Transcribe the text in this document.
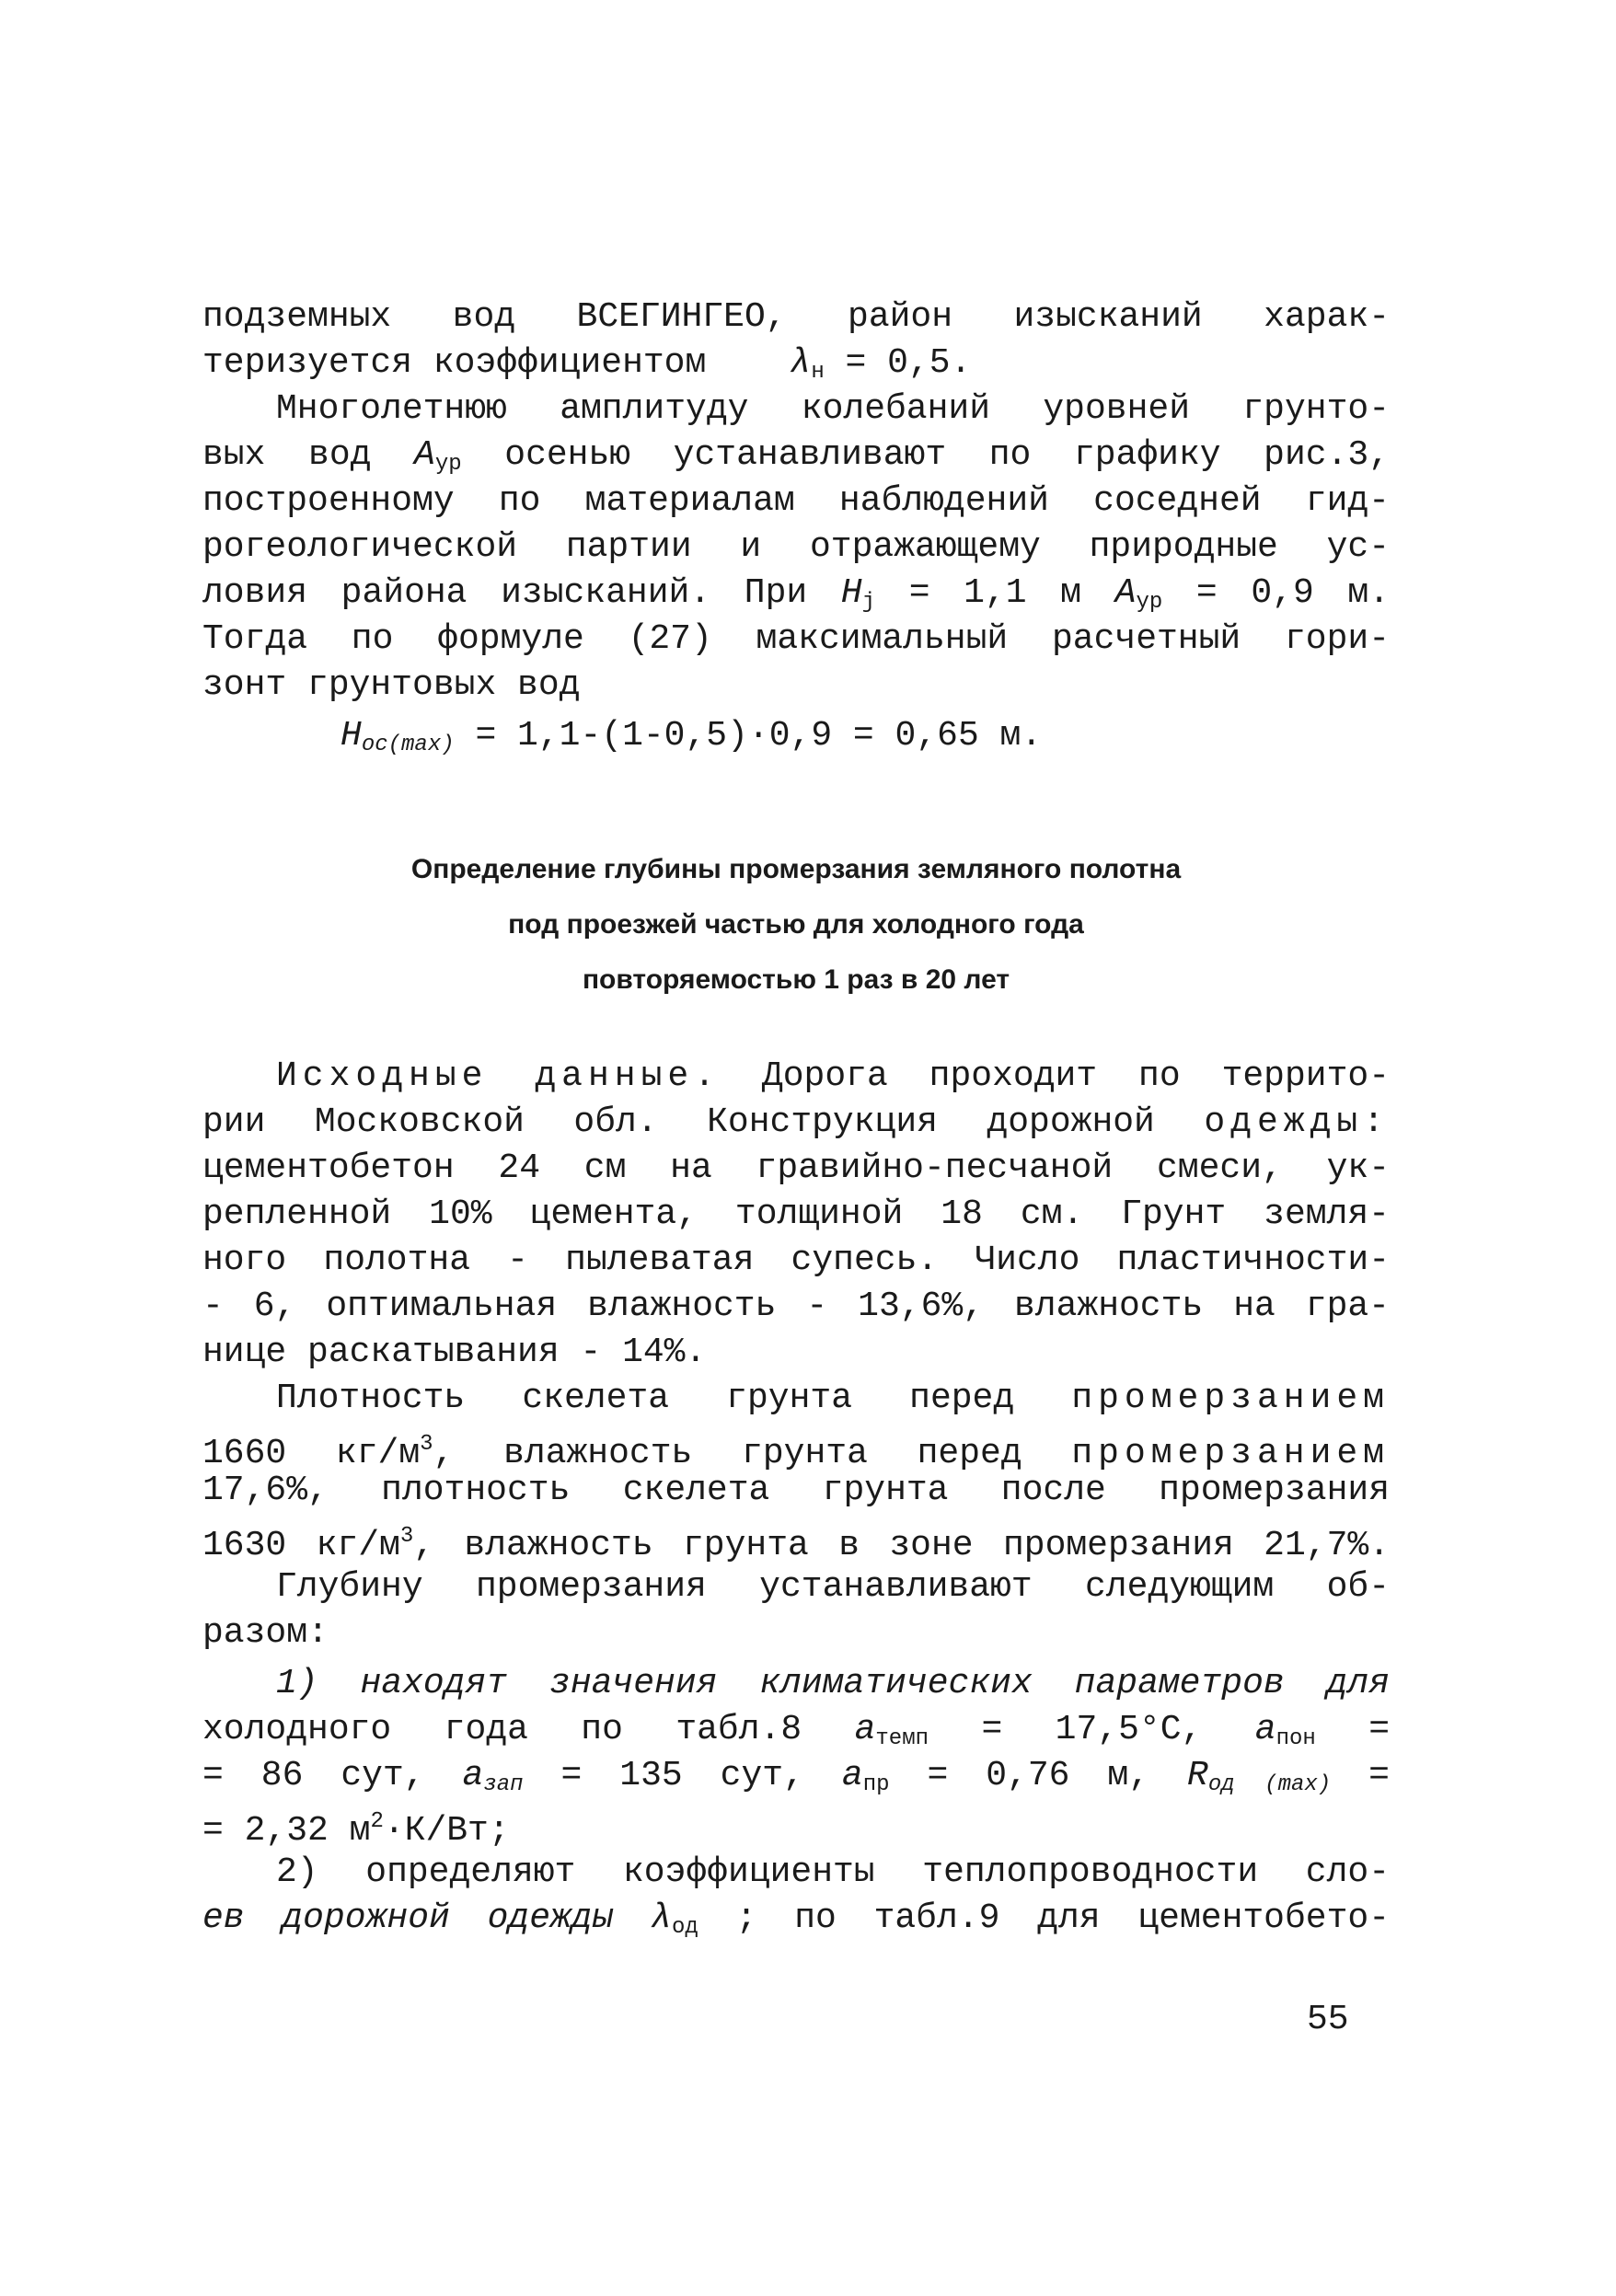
подземных вод ВСЕГИНГЕО, район изысканий харак-
теризуется коэффициентом $\lambda_н = 0,5$.
Многолетнюю амплитуду колебаний уровней грунто-
вых вод $A_{ур}$ осенью устанавливают по графику рис.3,
построенному по материалам наблюдений соседней гид-
рогеологической партии и отражающему природные ус-
ловия района изысканий. При $H_j = 1,1$ м $A_{ур} = 0,9$ м.
Тогда по формуле (27) максимальный расчетный гори-
зонт грунтовых вод
$H_{oc(max)} = 1,1-(1-0,5)\cdot 0,9 = 0,65$ м.
Определение глубины промерзания земляного полотна
под проезжей частью для холодного года
повторяемостью 1 раз в 20 лет
Исходные данные. Дорога проходит по террито-
рии Московской обл. Конструкция дорожной одежды:
цементобетон 24 см на гравийно-песчаной смеси, ук-
репленной 10% цемента, толщиной 18 см. Грунт земля-
ного полотна - пылеватая супесь. Число пластичности-
- 6, оптимальная влажность - 13,6%, влажность на гра-
нице раскатывания - 14%.
Плотность скелета грунта перед промерзанием
1660 $кг/м^3$, влажность грунта перед промерзанием
17,6%, плотность скелета грунта после промерзания
1630 $кг/м^3$, влажность грунта в зоне промерзания 21,7%.
Глубину промерзания устанавливают следующим об-
разом:
1) находят значения климатических параметров для
холодного года по табл.8 $a_{темп} = 17,5^\circ C$, $a_{пон}$ =
= 86 сут, $a_{зап} = 135$ сут, $a_{пр} = 0,76$ м, $R_{од (max)}$ =
= 2,32 $м^2\cdot К/Вт$;
2) определяют коэффициенты теплопроводности сло-
ев дорожной одежды $\lambda_{од}$ ; по табл.9 для цементобето-
55
